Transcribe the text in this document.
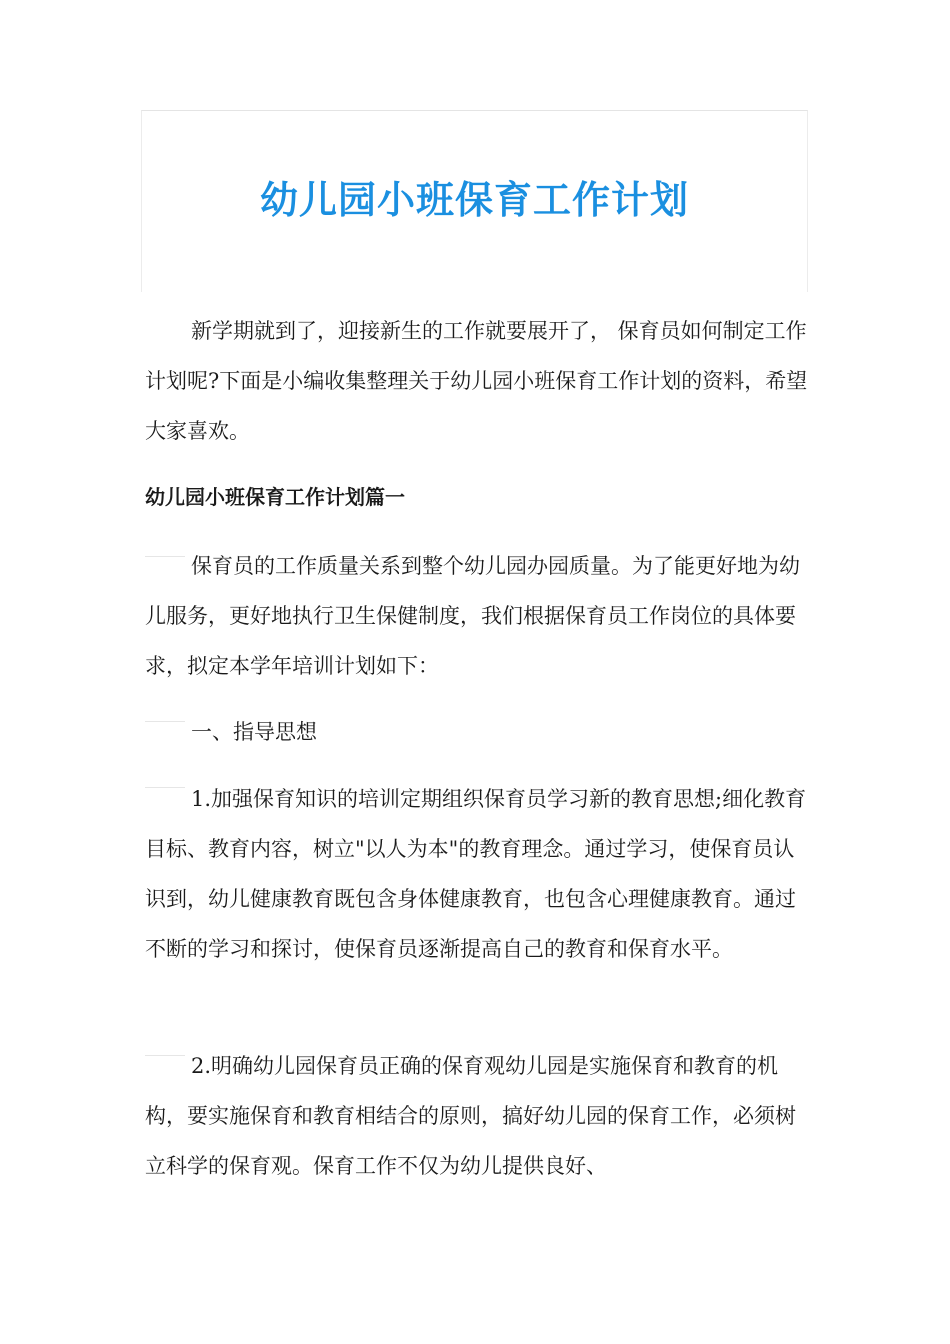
幼儿园小班保育工作计划

新学期就到了，迎接新生的工作就要展开了， 保育员如何制定工作计划呢?下面是小编收集整理关于幼儿园小班保育工作计划的资料，希望大家喜欢。

幼儿园小班保育工作计划篇一

保育员的工作质量关系到整个幼儿园办园质量。为了能更好地为幼儿服务，更好地执行卫生保健制度，我们根据保育员工作岗位的具体要求，拟定本学年培训计划如下：

一、指导思想

1.加强保育知识的培训定期组织保育员学习新的教育思想;细化教育目标、教育内容，树立"以人为本"的教育理念。通过学习，使保育员认识到，幼儿健康教育既包含身体健康教育，也包含心理健康教育。通过不断的学习和探讨，使保育员逐渐提高自己的教育和保育水平。

2.明确幼儿园保育员正确的保育观幼儿园是实施保育和教育的机构，要实施保育和教育相结合的原则，搞好幼儿园的保育工作，必须树立科学的保育观。保育工作不仅为幼儿提供良好、
